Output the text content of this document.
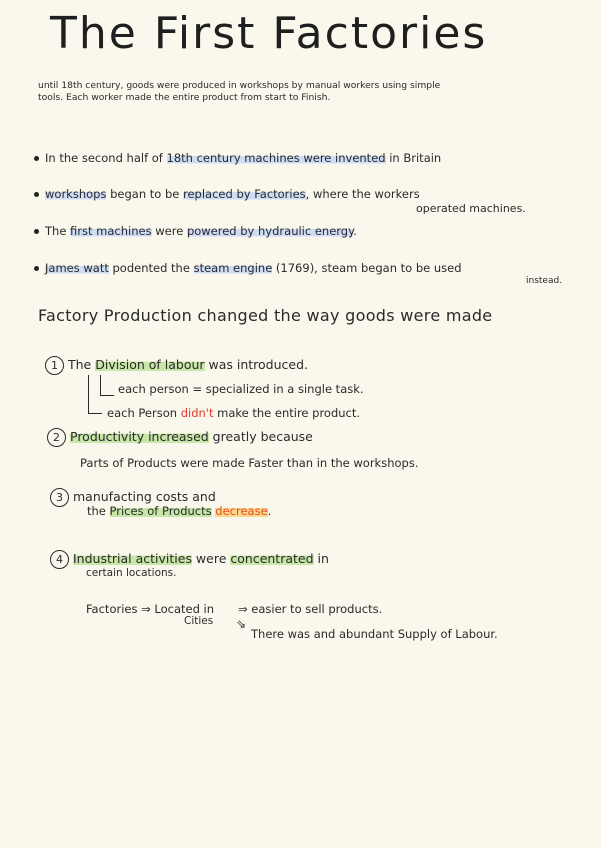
The First Factories
until 18th century, goods were produced in workshops by manual workers using simple
tools. Each worker made the entire product from start to Finish.
In the second half of 18th century machines were invented in Britain
workshops began to be replaced by Factories, where the workers
operated machines.
The first machines were powered by hydraulic energy.
James watt podented the steam engine (1769), steam began to be used
instead.
Factory Production changed the way goods were made
1 The Division of labour was introduced.
each person = specialized in a single task.
each Person didn't make the entire product.
2 Productivity increased greatly because
Parts of Products were made Faster than in the workshops.
3 manufacting costs and
the Prices of Products decrease.
4 Industrial activities were concentrated in
certain locations.
Factories ⇒ Located in
Cities
⇒ easier to sell products.
⇘
There was and abundant Supply of Labour.
